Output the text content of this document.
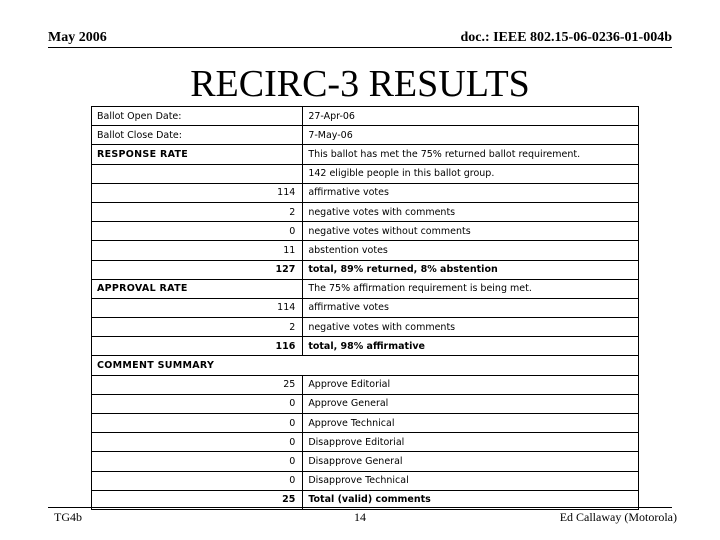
May 2006	doc.: IEEE 802.15-06-0236-01-004b
RECIRC-3 RESULTS
Ballot Open Date:	27-Apr-06
Ballot Close Date:	7-May-06
RESPONSE RATE	This ballot has met the 75% returned ballot requirement.
	142 eligible people in this ballot group.
114	affirmative votes
2	negative votes with comments
0	negative votes without comments
11	abstention votes
127	total, 89% returned, 8% abstention
APPROVAL RATE	The 75% affirmation requirement is being met.
114	affirmative votes
2	negative votes with comments
116	total, 98% affirmative
COMMENT SUMMARY	
25	Approve Editorial
0	Approve General
0	Approve Technical
0	Disapprove Editorial
0	Disapprove General
0	Disapprove Technical
25	Total (valid) comments
TG4b	14	Ed Callaway (Motorola)
